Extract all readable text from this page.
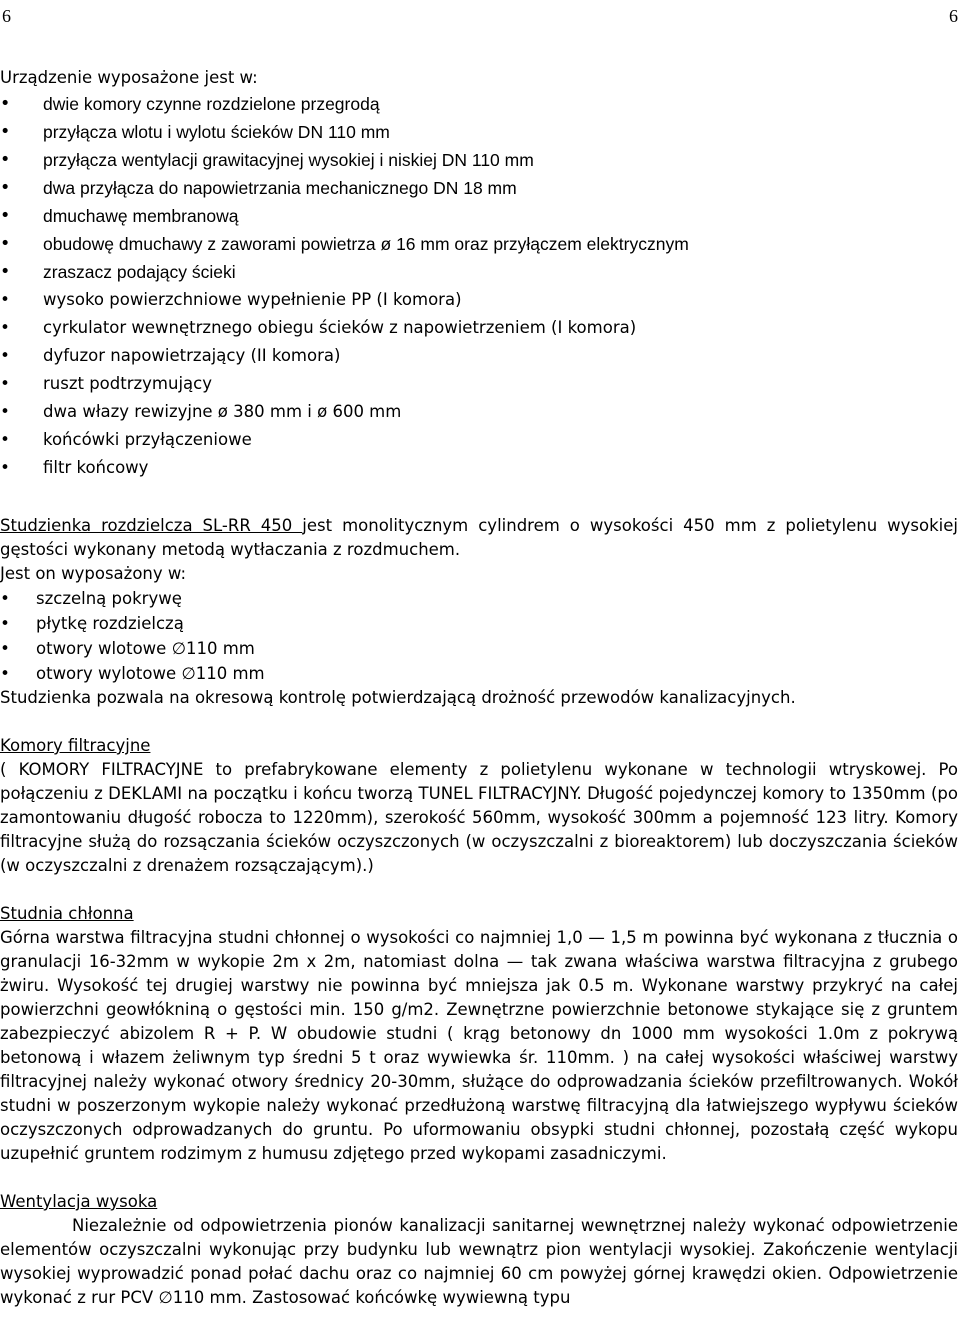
6	6

Urządzenie wyposażone jest w:

• dwie komory czynne rozdzielone przegrodą
• przyłącza wlotu i wylotu ścieków DN 110 mm
• przyłącza wentylacji grawitacyjnej wysokiej i niskiej DN 110 mm
• dwa przyłącza do napowietrzania mechanicznego DN 18 mm
• dmuchawę membranową
• obudowę dmuchawy z zaworami powietrza ø 16 mm oraz przyłączem elektrycznym
• zraszacz podający ścieki
• wysoko powierzchniowe wypełnienie PP (I komora)
• cyrkulator wewnętrznego obiegu ścieków z napowietrzeniem (I komora)
• dyfuzor napowietrzający (II komora)
• ruszt podtrzymujący
• dwa włazy rewizyjne ø 380 mm i ø 600 mm
• końcówki przyłączeniowe
• filtr końcowy

Studzienka rozdzielcza SL-RR 450 jest monolitycznym cylindrem o wysokości 450 mm z polietylenu wysokiej gęstości wykonany metodą wytłaczania z rozdmuchem.

Jest on wyposażony w:

• szczelną pokrywę
• płytkę rozdzielczą
• otwory wlotowe ∅110 mm
• otwory wylotowe ∅110 mm

Studzienka pozwala na okresową kontrolę potwierdzającą drożność przewodów kanalizacyjnych.

Komory filtracyjne

( KOMORY FILTRACYJNE to prefabrykowane elementy z polietylenu wykonane w technologii wtryskowej. Po połączeniu z DEKLAMI na początku i końcu tworzą TUNEL FILTRACYJNY. Długość pojedynczej komory to 1350mm (po zamontowaniu długość robocza to 1220mm), szerokość 560mm, wysokość 300mm a pojemność 123 litry. Komory filtracyjne służą do rozsączania ścieków oczyszczonych (w oczyszczalni z bioreaktorem) lub doczyszczania ścieków (w oczyszczalni z drenażem rozsączającym).)

Studnia chłonna

Górna warstwa filtracyjna studni chłonnej o wysokości co najmniej 1,0 — 1,5 m powinna być wykonana z tłucznia o granulacji 16-32mm w wykopie 2m x 2m, natomiast dolna — tak zwana właściwa warstwa filtracyjna z grubego żwiru. Wysokość tej drugiej warstwy nie powinna być mniejsza jak 0.5 m. Wykonane warstwy przykryć na całej powierzchni geowłókniną o gęstości min. 150 g/m2. Zewnętrzne powierzchnie betonowe stykające się z gruntem zabezpieczyć abizolem R + P. W obudowie studni ( krąg betonowy dn 1000 mm wysokości 1.0m z pokrywą betonową i włazem żeliwnym typ średni 5 t oraz wywiewka śr. 110mm. ) na całej wysokości właściwej warstwy filtracyjnej należy wykonać otwory średnicy 20-30mm, służące do odprowadzania ścieków przefiltrowanych. Wokół studni w poszerzonym wykopie należy wykonać przedłużoną warstwę filtracyjną dla łatwiejszego wypływu ścieków oczyszczonych odprowadzanych do gruntu. Po uformowaniu obsypki studni chłonnej, pozostałą część wykopu uzupełnić gruntem rodzimym z humusu zdjętego przed wykopami zasadniczymi.

Wentylacja wysoka

Niezależnie od odpowietrzenia pionów kanalizacji sanitarnej wewnętrznej należy wykonać odpowietrzenie elementów oczyszczalni wykonując przy budynku lub wewnątrz pion wentylacji wysokiej. Zakończenie wentylacji wysokiej wyprowadzić ponad połać dachu oraz co najmniej 60 cm powyżej górnej krawędzi okien. Odpowietrzenie wykonać z rur PCV ∅110 mm. Zastosować końcówkę wywiewną typu
